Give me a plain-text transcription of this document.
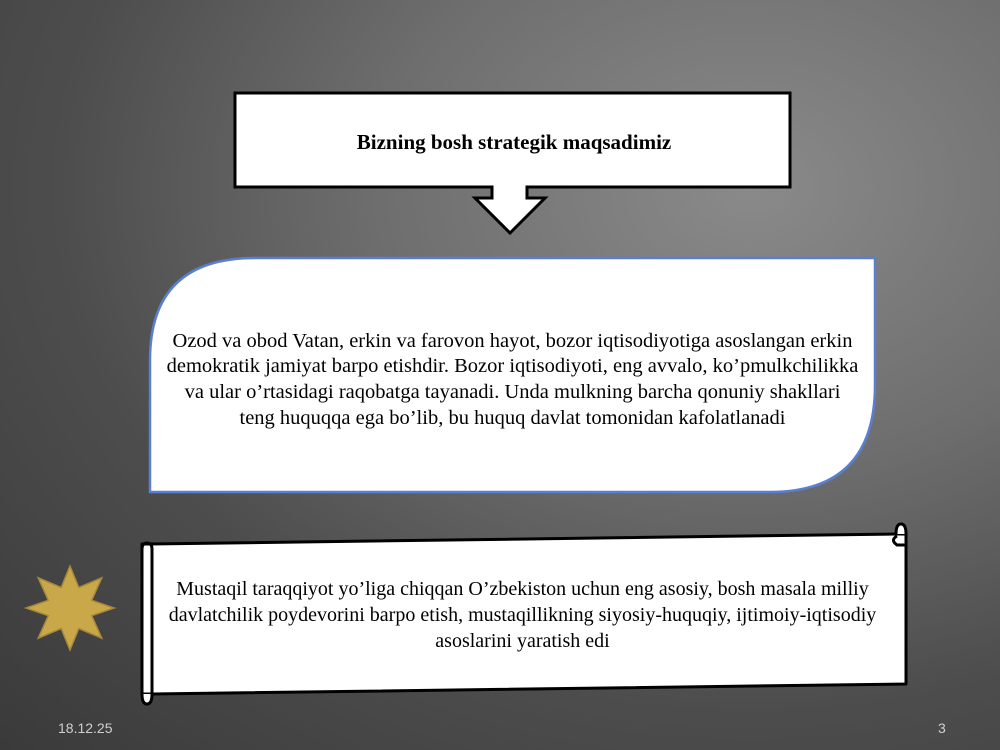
Bizning bosh strategik maqsadimiz
Ozod va obod Vatan, erkin va farovon hayot, bozor iqtisodiyotiga asoslangan erkin demokratik jamiyat barpo etishdir. Bozor iqtisodiyoti, eng avvalo, ko’pmulkchilikka va ular o’rtasidagi raqobatga tayanadi. Unda mulkning barcha qonuniy shakllari teng huquqqa ega bo’lib, bu huquq davlat tomonidan kafolatlanadi
Mustaqil taraqqiyot yo’liga chiqqan O’zbekiston uchun eng asosiy, bosh masala milliy davlatchilik poydevorini barpo etish, mustaqillikning siyosiy-huquqiy, ijtimoiy-iqtisodiy asoslarini yaratish edi
18.12.25	3
